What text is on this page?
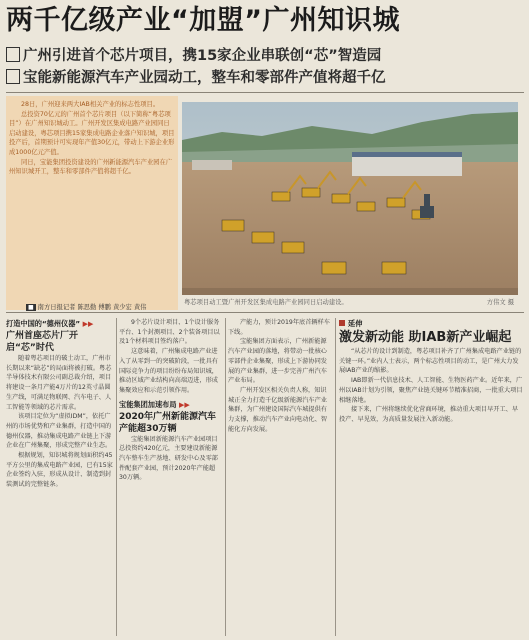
两千亿级产业“加盟”广州知识城
广州引进首个芯片项目，携15家企业串联创“芯”智造园
宝能新能源汽车产业园动工，整车和零部件产值将超千亿

28日，广州迎来两大IAB相关产业的标志性项目。

总投资70亿元的广州首个芯片项目（以下简称“粤芯项目”）在广州知识城动工。广州开发区集成电路产业园同日启动建设，粤芯项目携15家集成电路企业落户知识城，项目投产后，首期预计可实现年产值30亿元，带动上下游企业形成1000亿元产值。

同日，宝能集团投资建设的广州新能源汽车产业园在广州知识城开工，整车和零部件产值将超千亿。

粤芯项目动工暨广州开发区集成电路产业园同日启动建设。	方伟文 摄
■ 南方日报记者 陈思勤 傅鹏 黄少宏 黄伟
打造中国的“德州仪器” ▶▶
广州首座芯片厂开启“芯”时代

随着粤芯项目的破土动工，广州市长期以来“缺芯”的局面将被打破。粤芯半导体技术有限公司副总裁介绍，项目将建设一条月产能4万片的12英寸晶圆生产线，可满足物联网、汽车电子、人工智能等领域的芯片需求。

该项目定位为“虚拟IDM”，依托广州的市场优势和产业集群，打造中国的德州仪器，推动集成电路产业链上下游企业在广州集聚，形成完整产业生态。

根据规划，知识城将规划面积约45平方公里的集成电路产业园，已有15家企业签约入驻，形成从设计、制造到封装测试的完整链条。

9个芯片设计项目、1个设计服务平台、1个封测项目、2个装备项目以及1个材料项目签约落户。

这意味着，广州集成电路产业进入了从零到一的突破阶段，一批具有国际竞争力的项目纷纷布局知识城，推动区域产业结构向高端迈进，形成集聚效应和示范引领作用。

宝能集团加速布局 ▶▶
2020年广州新能源汽车产能超30万辆

宝能集团新能源汽车产业园项目总投资约420亿元，主要建设新能源汽车整车生产基地、研发中心及零部件配套产业园，预计2020年产能超30万辆。

产能力，预计2019年底首辆样车下线。

宝能集团方面表示，广州新能源汽车产业园的落地，将带动一批核心零部件企业集聚，形成上下游协同发展的产业集群，进一步完善广州汽车产业布局。

广州开发区相关负责人称，知识城正全力打造千亿级新能源汽车产业集群，为广州建设国际汽车城提供有力支撑，推动汽车产业向电动化、智能化方向发展。

延伸
激发新动能 助IAB新产业崛起

“从芯片的设计到制造，粤芯项目补齐了广州集成电路产业链的关键一环。”业内人士表示，两个标志性项目的动工，是广州大力发展IAB产业的缩影。

IAB即新一代信息技术、人工智能、生物医药产业。近年来，广州以IAB计划为引领，聚焦产业链关键环节精准招商，一批重大项目相继落地。

接下来，广州将继续优化营商环境，推动重大项目早开工、早投产、早见效，为高质量发展注入新动能。
